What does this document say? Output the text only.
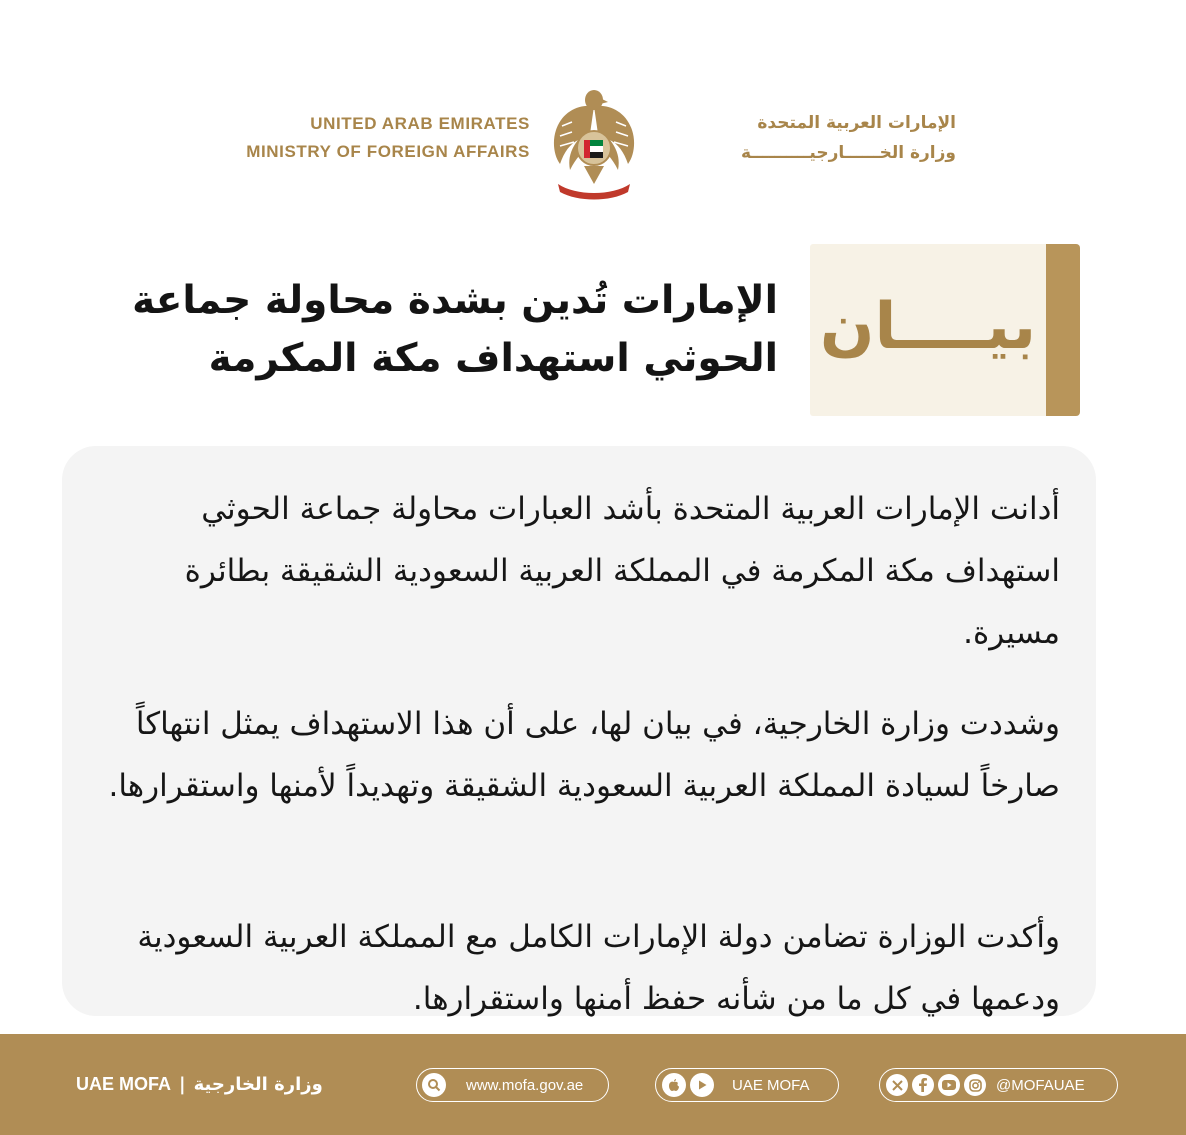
UNITED ARAB EMIRATES
MINISTRY OF FOREIGN AFFAIRS
الإمارات العربية المتحدة
وزارة الخــــــارجيــــــــــة
بيــــان
الإمارات تُدين بشدة محاولة جماعة الحوثي استهداف مكة المكرمة
أدانت الإمارات العربية المتحدة بأشد العبارات محاولة جماعة الحوثي استهداف مكة المكرمة في المملكة العربية السعودية الشقيقة بطائرة مسيرة.
وشددت وزارة الخارجية، في بيان لها، على أن هذا الاستهداف يمثل انتهاكاً صارخاً لسيادة المملكة العربية السعودية الشقيقة وتهديداً لأمنها واستقرارها.
وأكدت الوزارة تضامن دولة الإمارات الكامل مع المملكة العربية السعودية ودعمها في كل ما من شأنه حفظ أمنها واستقرارها.
UAE MOFA | وزارة الخارجية	www.mofa.gov.ae	UAE MOFA	@MOFAUAE
